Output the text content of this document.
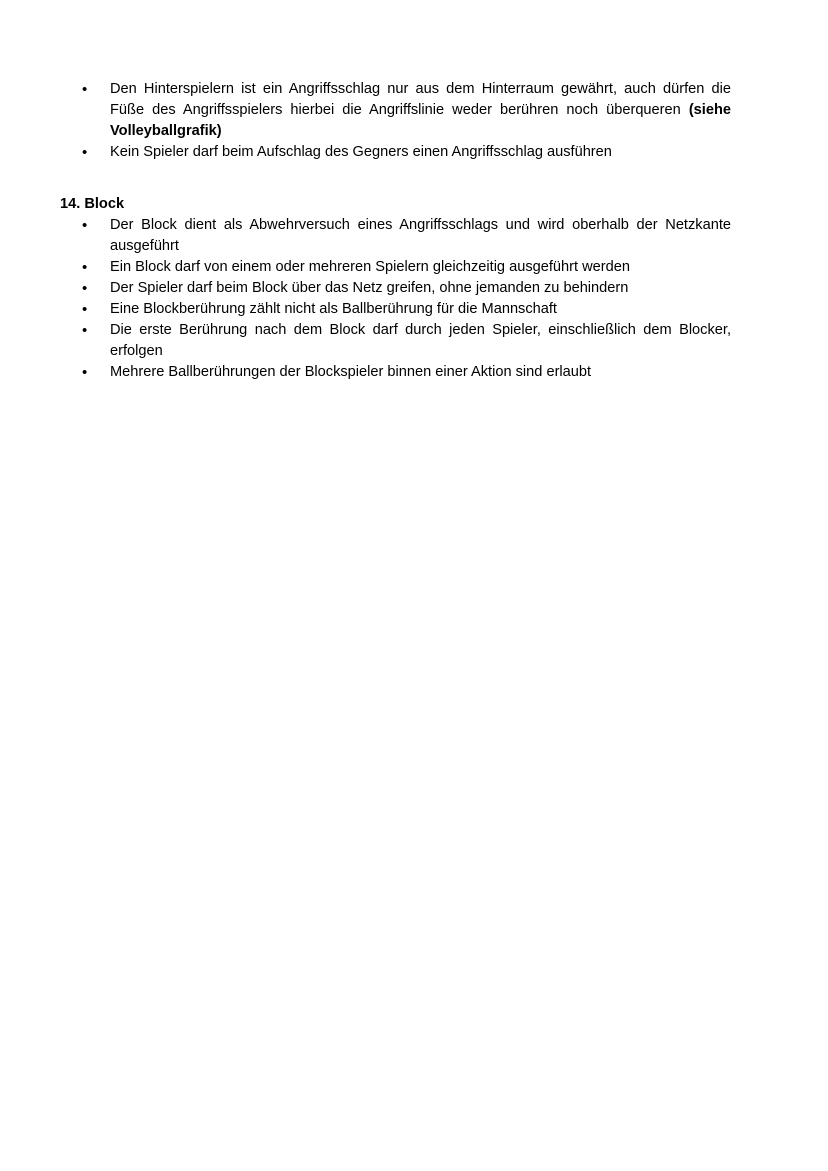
• Den Hinterspielern ist ein Angriffsschlag nur aus dem Hinterraum gewährt, auch dürfen die Füße des Angriffsspielers hierbei die Angriffslinie weder berühren noch überqueren (siehe Volleyballgrafik)
• Kein Spieler darf beim Aufschlag des Gegners einen Angriffsschlag ausführen
14. Block
• Der Block dient als Abwehrversuch eines Angriffsschlags und wird oberhalb der Netzkante ausgeführt
• Ein Block darf von einem oder mehreren Spielern gleichzeitig ausgeführt werden
• Der Spieler darf beim Block über das Netz greifen, ohne jemanden zu behindern
• Eine Blockberührung zählt nicht als Ballberührung für die Mannschaft
• Die erste Berührung nach dem Block darf durch jeden Spieler, einschließlich dem Blocker, erfolgen
• Mehrere Ballberührungen der Blockspieler binnen einer Aktion sind erlaubt
